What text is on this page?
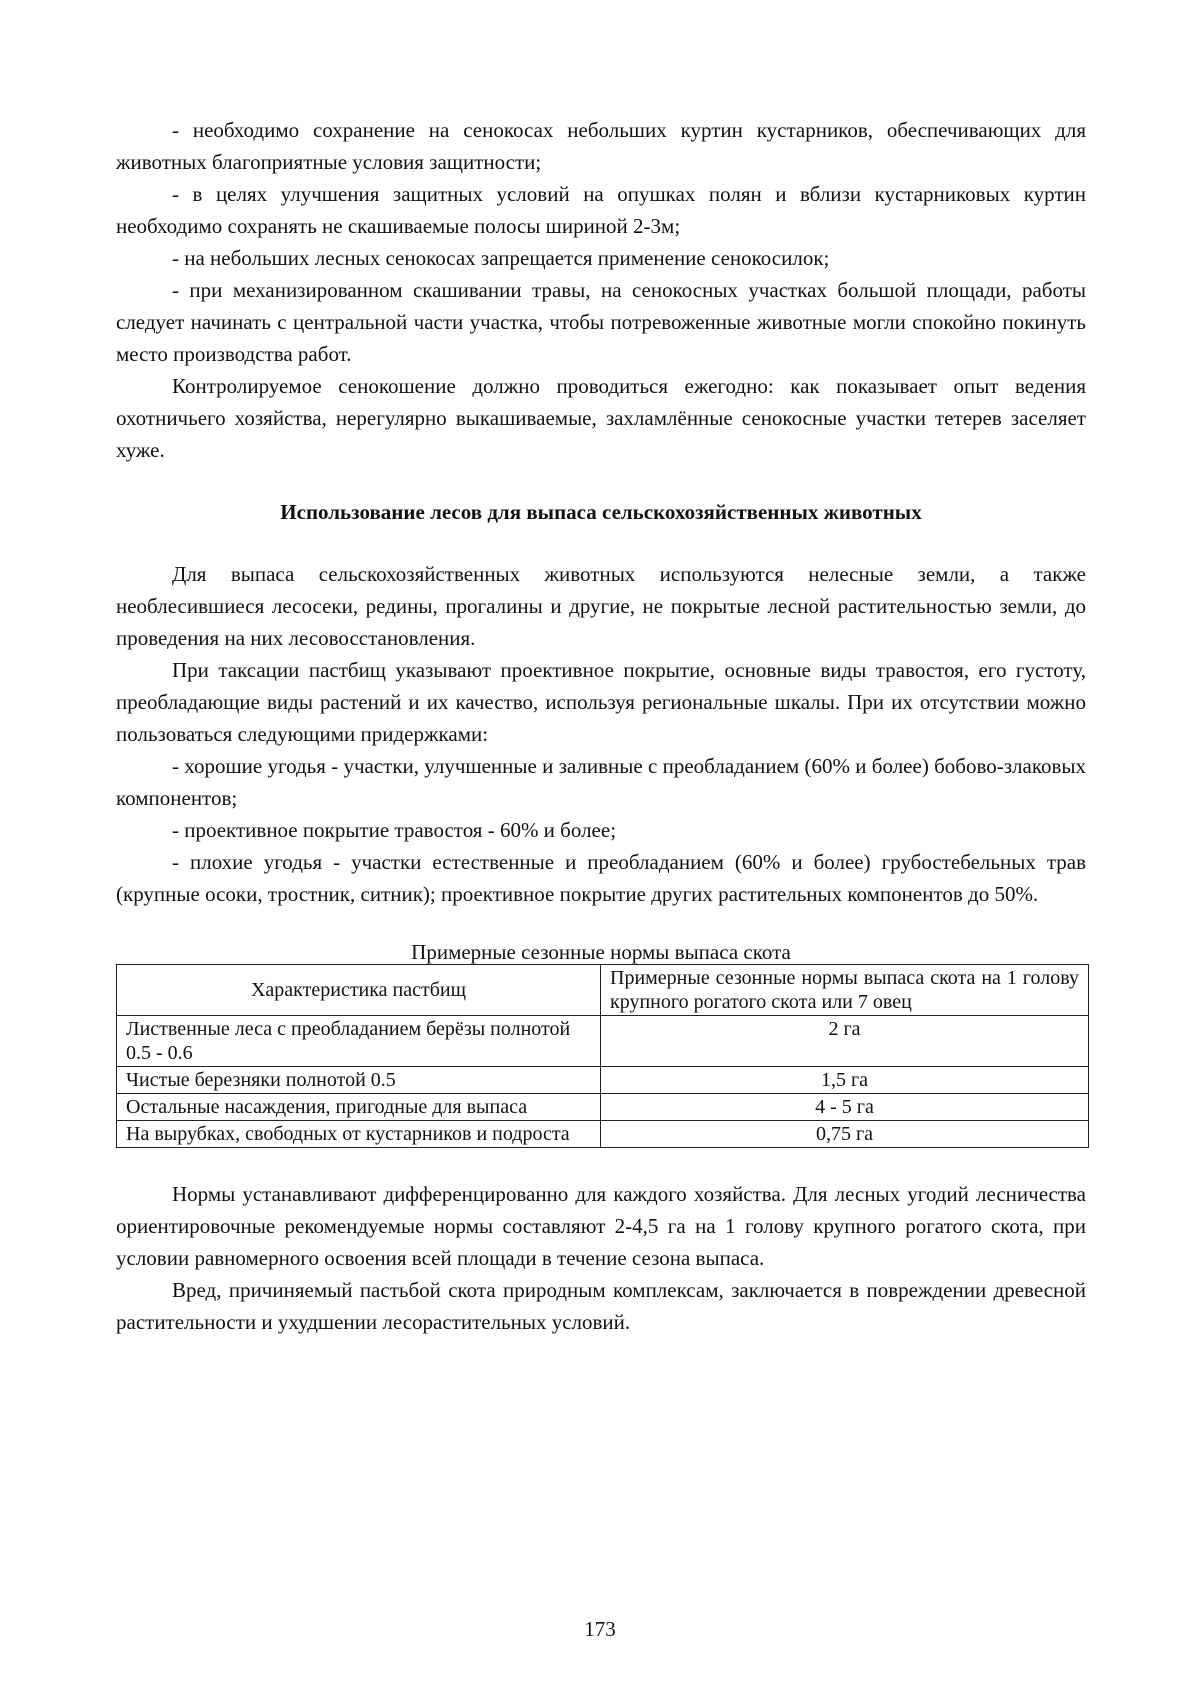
- необходимо сохранение на сенокосах небольших куртин кустарников, обеспечивающих для животных благоприятные условия защитности;

- в целях улучшения защитных условий на опушках полян и вблизи кустарниковых куртин необходимо сохранять не скашиваемые полосы шириной 2-3м;

- на небольших лесных сенокосах запрещается применение сенокосилок;

- при механизированном скашивании травы, на сенокосных участках большой площади, работы следует начинать с центральной части участка, чтобы потревоженные животные могли спокойно покинуть место производства работ.

Контролируемое сенокошение должно проводиться ежегодно: как показывает опыт ведения охотничьего хозяйства, нерегулярно выкашиваемые, захламлённые сенокосные участки тетерев заселяет хуже.

Использование лесов для выпаса сельскохозяйственных животных

Для выпаса сельскохозяйственных животных используются нелесные земли, а также необлесившиеся лесосеки, редины, прогалины и другие, не покрытые лесной растительностью земли, до проведения на них лесовосстановления.

При таксации пастбищ указывают проективное покрытие, основные виды травостоя, его густоту, преобладающие виды растений и их качество, используя региональные шкалы. При их отсутствии можно пользоваться следующими придержками:

- хорошие угодья - участки, улучшенные и заливные с преобладанием (60% и более) бобово-злаковых компонентов;

- проективное покрытие травостоя - 60% и более;

- плохие угодья - участки естественные и преобладанием (60% и более) грубостебельных трав (крупные осоки, тростник, ситник); проективное покрытие других растительных компонентов до 50%.

Примерные сезонные нормы выпаса скота
Характеристика пастбищ	Примерные сезонные нормы выпаса скота на 1 голову крупного рогатого скота или 7 овец
Лиственные леса с преобладанием берёзы полнотой 0.5 - 0.6	2 га
Чистые березняки полнотой 0.5	1,5 га
Остальные насаждения, пригодные для выпаса	4 - 5 га
На вырубках, свободных от кустарников и подроста	0,75 га

Нормы устанавливают дифференцированно для каждого хозяйства. Для лесных угодий лесничества ориентировочные рекомендуемые нормы составляют 2-4,5 га на 1 голову крупного рогатого скота, при условии равномерного освоения всей площади в течение сезона выпаса.

Вред, причиняемый пастьбой скота природным комплексам, заключается в повреждении древесной растительности и ухудшении лесорастительных условий.

173
